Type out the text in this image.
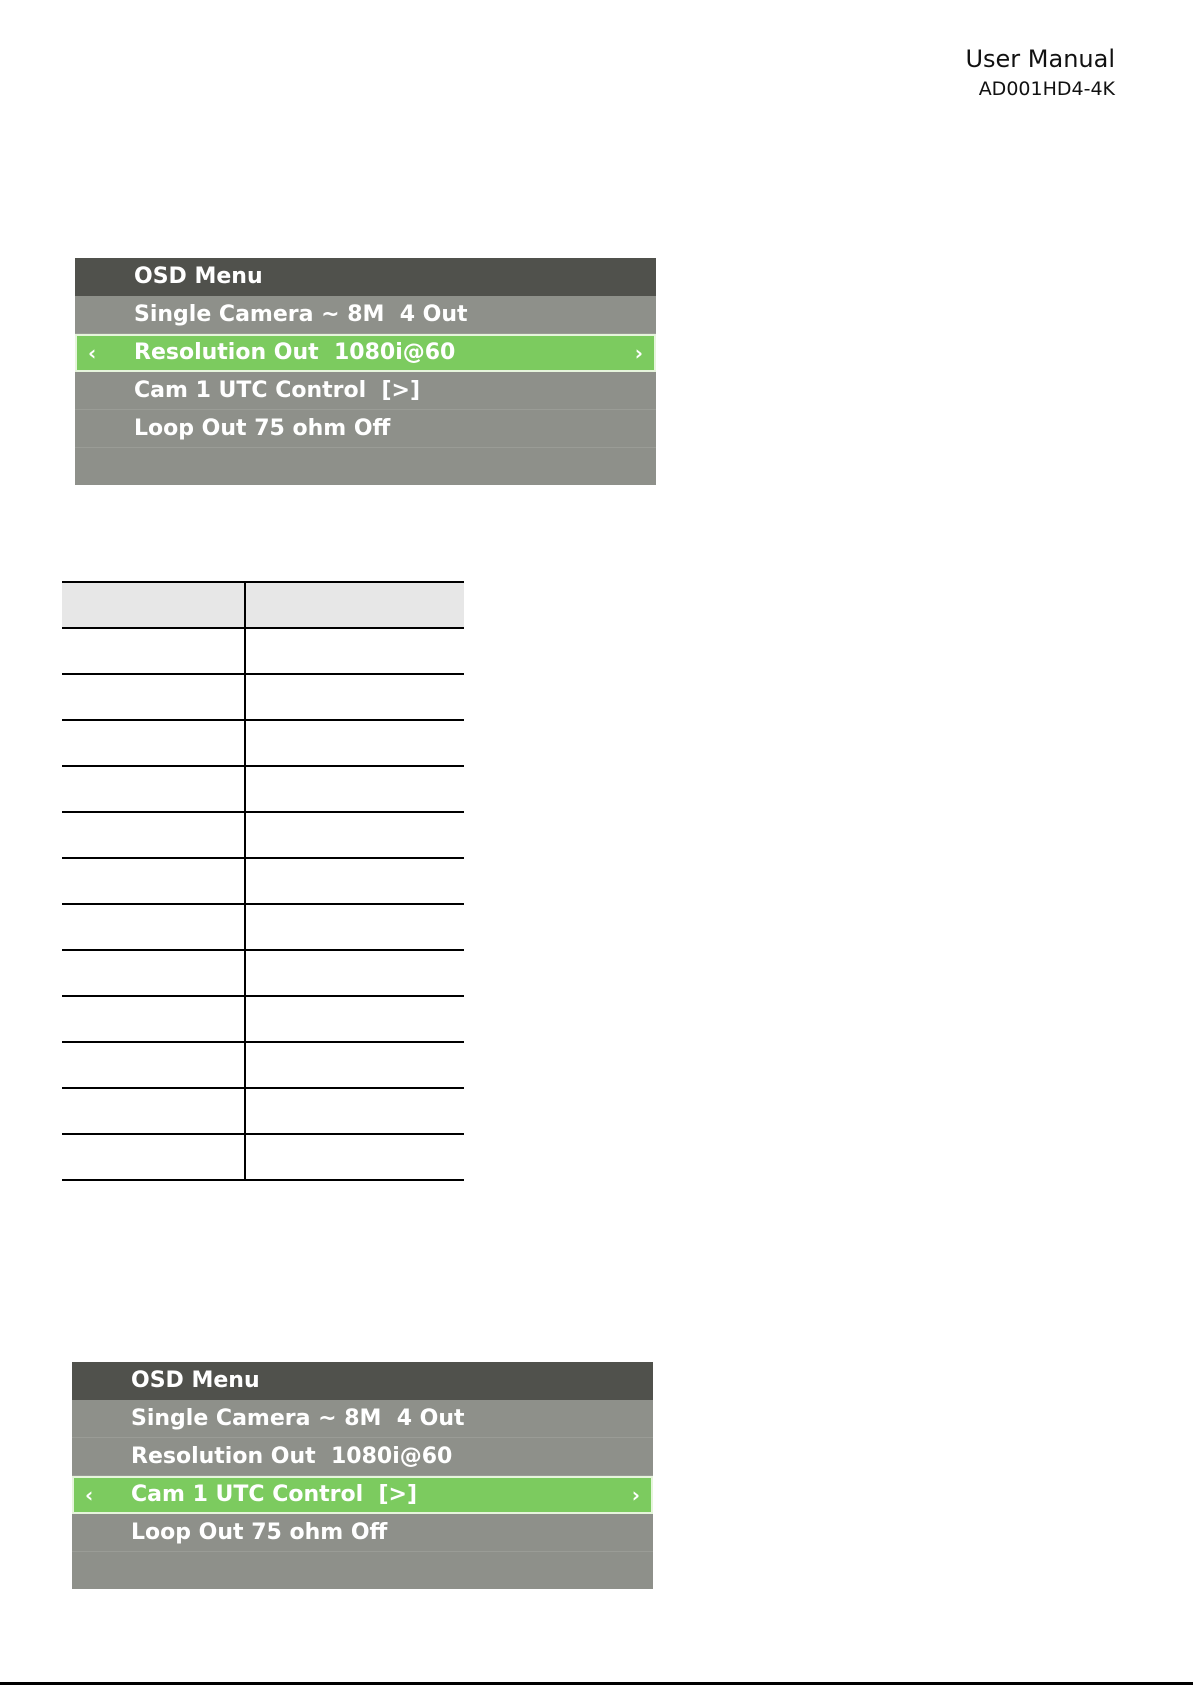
User Manual
AD001HD4-4K
OSD Menu
Single Camera ~ 8M  4 Out
‹ Resolution Out  1080i@60	›
Cam 1 UTC Control  [>]
Loop Out 75 ohm Off

OSD Menu
Single Camera ~ 8M  4 Out
Resolution Out  1080i@60
‹ Cam 1 UTC Control  [>]	›
Loop Out 75 ohm Off
